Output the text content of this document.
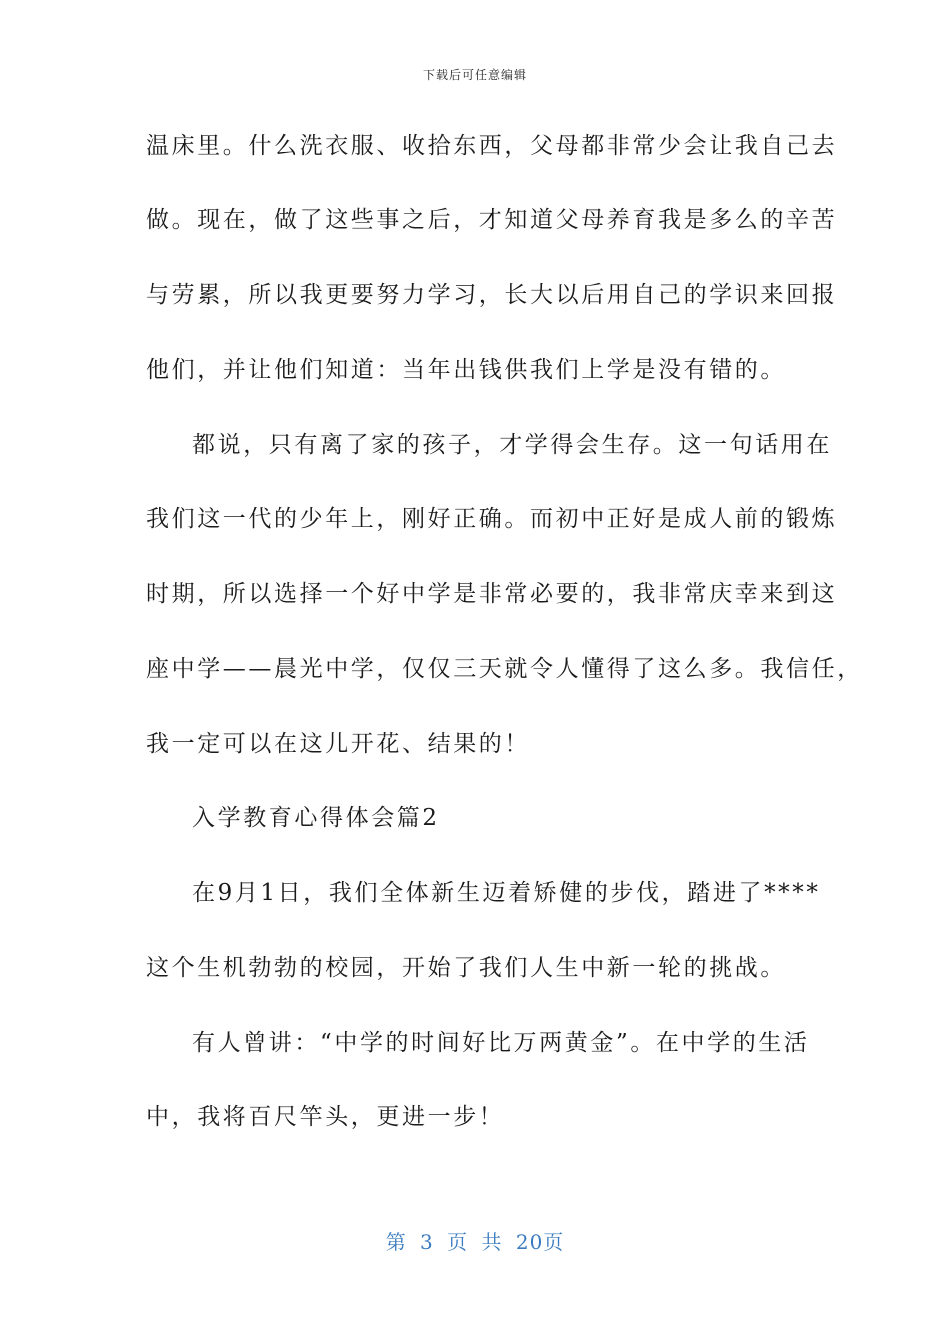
下载后可任意编辑
温床里。什么洗衣服、收拾东西，父母都非常少会让我自己去
做。现在，做了这些事之后，才知道父母养育我是多么的辛苦
与劳累，所以我更要努力学习，长大以后用自己的学识来回报
他们，并让他们知道：当年出钱供我们上学是没有错的。
都说，只有离了家的孩子，才学得会生存。这一句话用在
我们这一代的少年上，刚好正确。而初中正好是成人前的锻炼
时期，所以选择一个好中学是非常必要的，我非常庆幸来到这
座中学——晨光中学，仅仅三天就令人懂得了这么多。我信任，
我一定可以在这儿开花、结果的！
入学教育心得体会篇2
在9月1日，我们全体新生迈着矫健的步伐，踏进了****
这个生机勃勃的校园，开始了我们人生中新一轮的挑战。
有人曾讲：“中学的时间好比万两黄金”。在中学的生活
中，我将百尺竿头，更进一步！
第 3 页 共 20页
